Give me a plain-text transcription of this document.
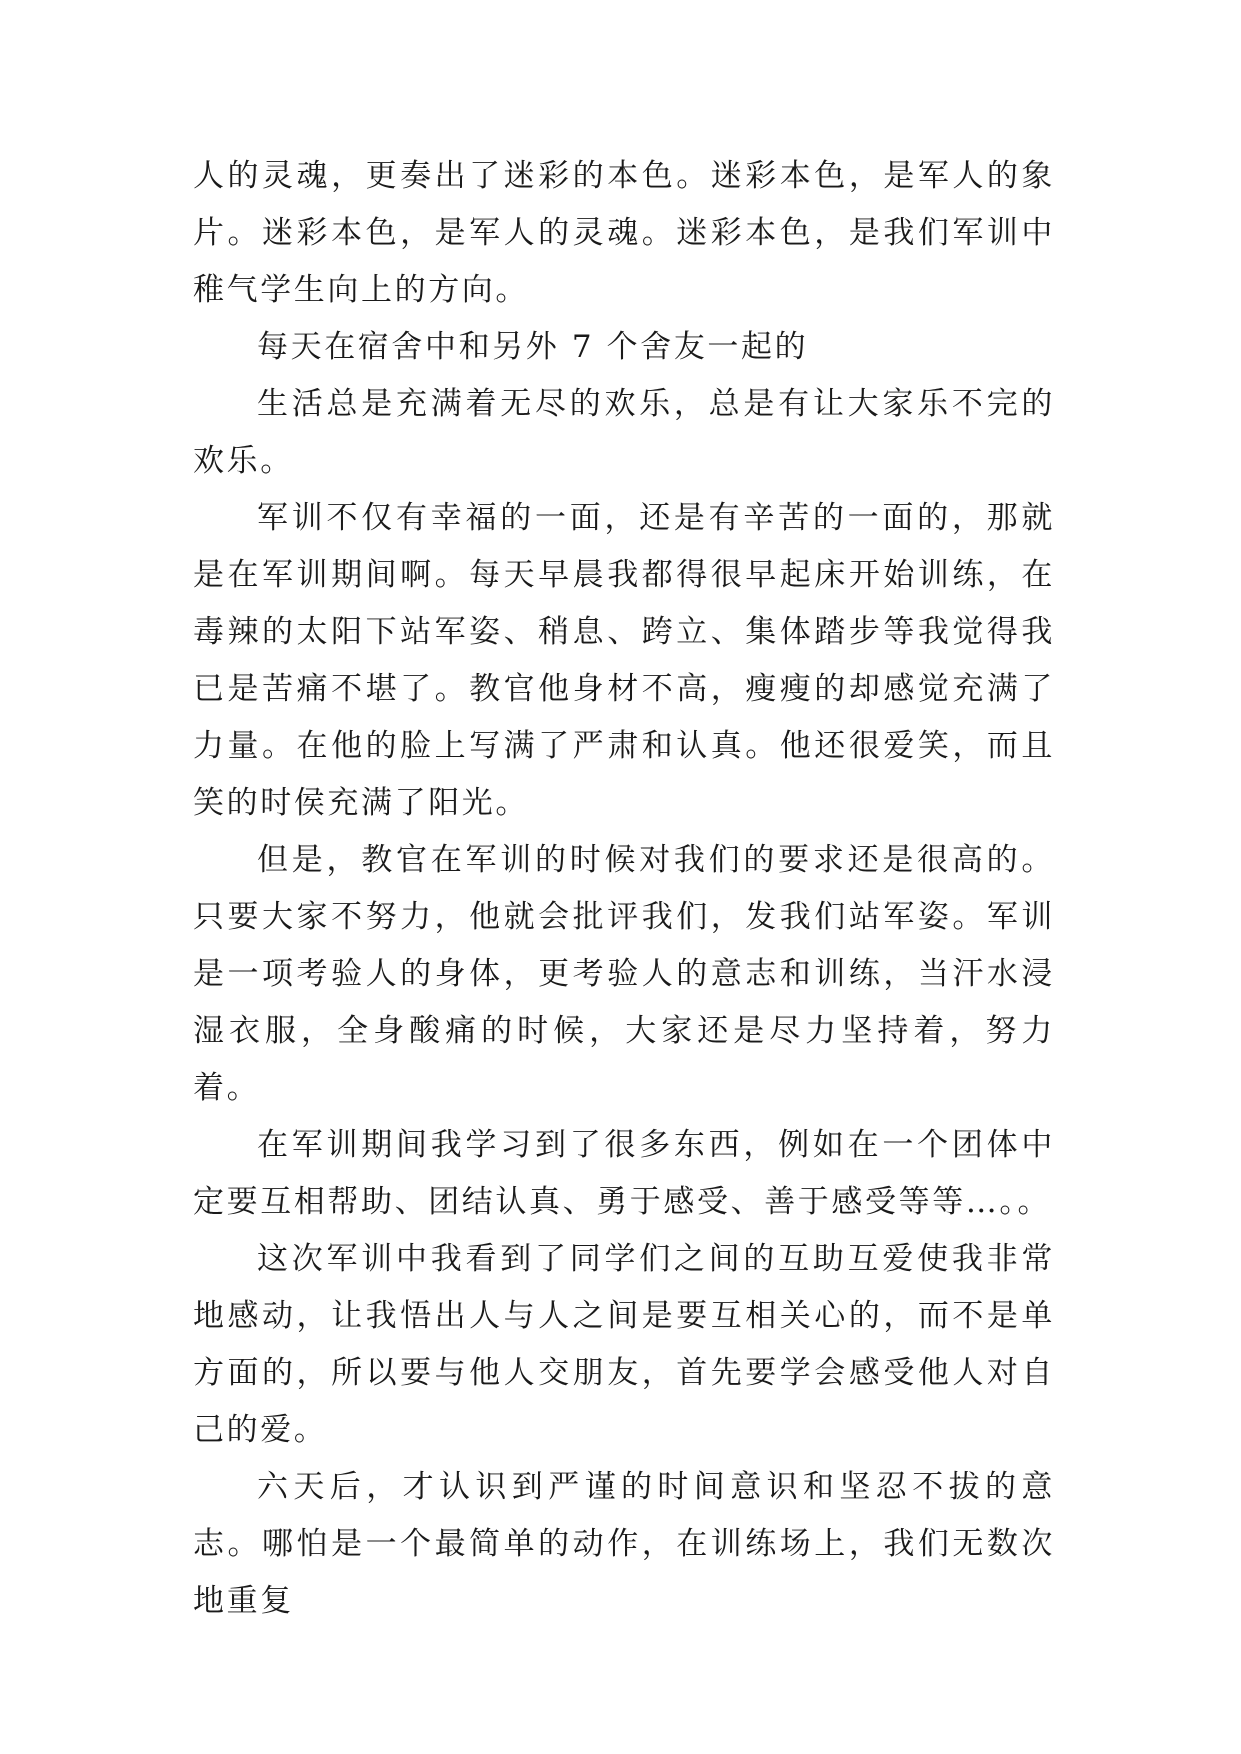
人的灵魂，更奏出了迷彩的本色。迷彩本色，是军人的象片。迷彩本色，是军人的灵魂。迷彩本色，是我们军训中稚气学生向上的方向。

每天在宿舍中和另外 7 个舍友一起的

生活总是充满着无尽的欢乐，总是有让大家乐不完的欢乐。

军训不仅有幸福的一面，还是有辛苦的一面的，那就是在军训期间啊。每天早晨我都得很早起床开始训练，在毒辣的太阳下站军姿、稍息、跨立、集体踏步等我觉得我已是苦痛不堪了。教官他身材不高，瘦瘦的却感觉充满了力量。在他的脸上写满了严肃和认真。他还很爱笑，而且笑的时侯充满了阳光。

但是，教官在军训的时候对我们的要求还是很高的。只要大家不努力，他就会批评我们，发我们站军姿。军训是一项考验人的身体，更考验人的意志和训练，当汗水浸湿衣服，全身酸痛的时候，大家还是尽力坚持着，努力着。

在军训期间我学习到了很多东西，例如在一个团体中定要互相帮助、团结认真、勇于感受、善于感受等等…。。

这次军训中我看到了同学们之间的互助互爱使我非常地感动，让我悟出人与人之间是要互相关心的，而不是单方面的，所以要与他人交朋友，首先要学会感受他人对自己的爱。

六天后，才认识到严谨的时间意识和坚忍不拔的意志。哪怕是一个最简单的动作，在训练场上，我们无数次地重复
